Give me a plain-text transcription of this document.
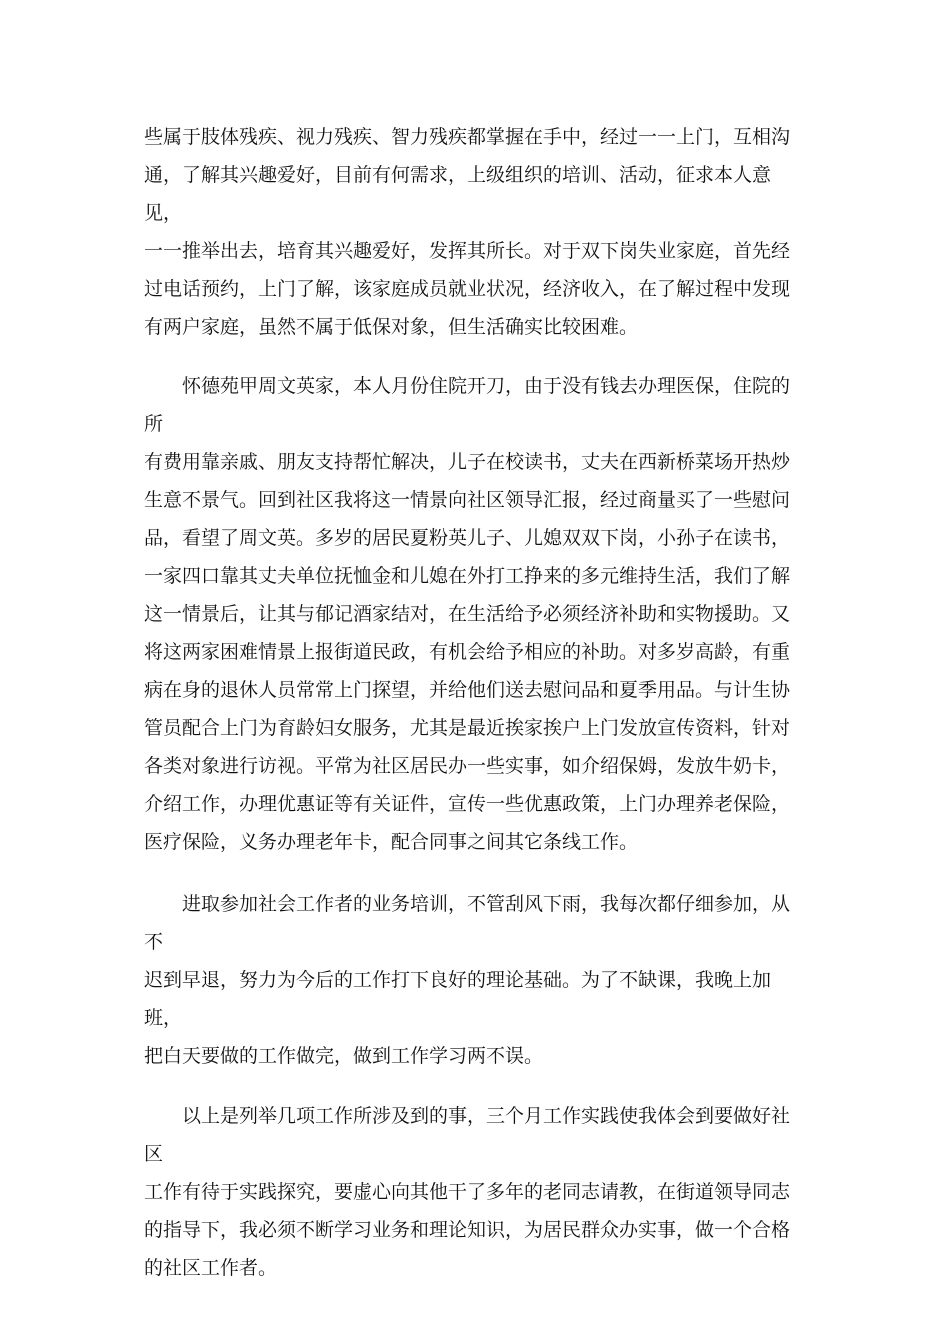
些属于肢体残疾、视力残疾、智力残疾都掌握在手中，经过一一上门，互相沟
通，了解其兴趣爱好，目前有何需求，上级组织的培训、活动，征求本人意见，
一一推举出去，培育其兴趣爱好，发挥其所长。对于双下岗失业家庭，首先经
过电话预约，上门了解，该家庭成员就业状况，经济收入，在了解过程中发现
有两户家庭，虽然不属于低保对象，但生活确实比较困难。

　　怀德苑甲周文英家，本人月份住院开刀，由于没有钱去办理医保，住院的所
有费用靠亲戚、朋友支持帮忙解决，儿子在校读书，丈夫在西新桥菜场开热炒
生意不景气。回到社区我将这一情景向社区领导汇报，经过商量买了一些慰问
品，看望了周文英。多岁的居民夏粉英儿子、儿媳双双下岗，小孙子在读书，
一家四口靠其丈夫单位抚恤金和儿媳在外打工挣来的多元维持生活，我们了解
这一情景后，让其与郁记酒家结对，在生活给予必须经济补助和实物援助。又
将这两家困难情景上报街道民政，有机会给予相应的补助。对多岁高龄，有重
病在身的退休人员常常上门探望，并给他们送去慰问品和夏季用品。与计生协
管员配合上门为育龄妇女服务，尤其是最近挨家挨户上门发放宣传资料，针对
各类对象进行访视。平常为社区居民办一些实事，如介绍保姆，发放牛奶卡，
介绍工作，办理优惠证等有关证件，宣传一些优惠政策，上门办理养老保险，
医疗保险，义务办理老年卡，配合同事之间其它条线工作。

　　进取参加社会工作者的业务培训，不管刮风下雨，我每次都仔细参加，从不
迟到早退，努力为今后的工作打下良好的理论基础。为了不缺课，我晚上加班，
把白天要做的工作做完，做到工作学习两不误。

　　以上是列举几项工作所涉及到的事，三个月工作实践使我体会到要做好社区
工作有待于实践探究，要虚心向其他干了多年的老同志请教，在街道领导同志
的指导下，我必须不断学习业务和理论知识，为居民群众办实事，做一个合格
的社区工作者。
